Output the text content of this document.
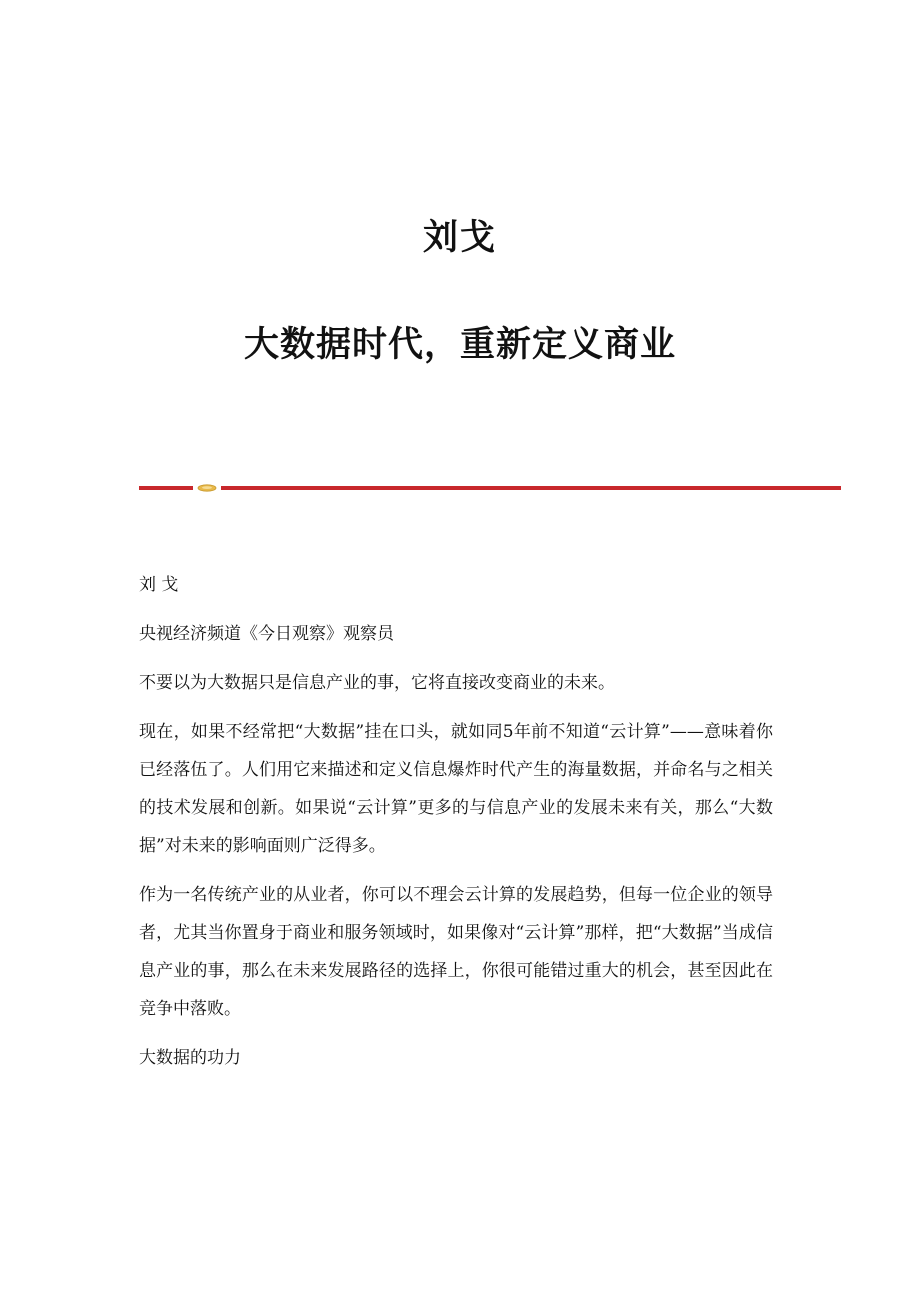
刘戈
大数据时代，重新定义商业

刘 戈

央视经济频道《今日观察》观察员

不要以为大数据只是信息产业的事，它将直接改变商业的未来。

现在，如果不经常把“大数据”挂在口头，就如同5年前不知道“云计算”——意味着你已经落伍了。人们用它来描述和定义信息爆炸时代产生的海量数据，并命名与之相关的技术发展和创新。如果说“云计算”更多的与信息产业的发展未来有关，那么“大数据”对未来的影响面则广泛得多。

作为一名传统产业的从业者，你可以不理会云计算的发展趋势，但每一位企业的领导者，尤其当你置身于商业和服务领域时，如果像对“云计算”那样，把“大数据”当成信息产业的事，那么在未来发展路径的选择上，你很可能错过重大的机会，甚至因此在竞争中落败。

大数据的功力
